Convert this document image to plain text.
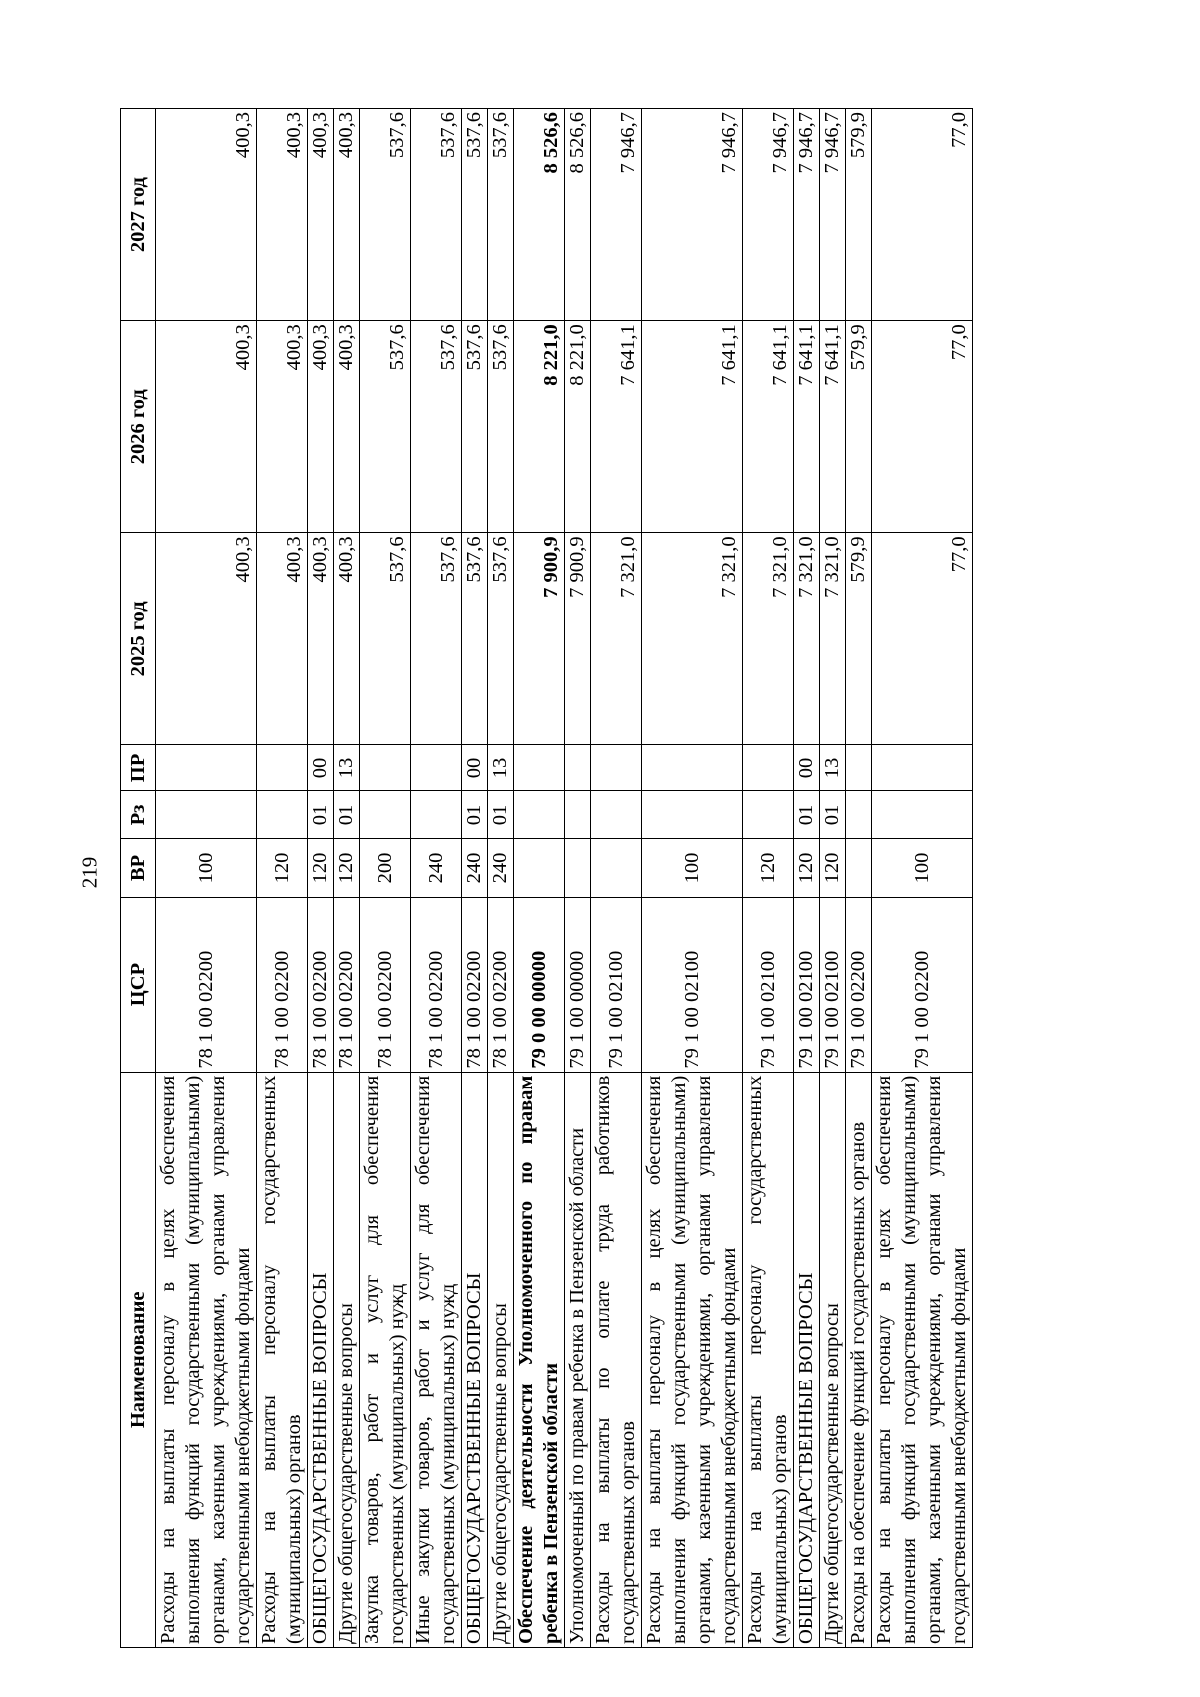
219
Наименование	ЦСР	ВР	Рз	ПР	2025 год	2026 год	2027 год
Расходы на выплаты персоналу в целях обеспечения выполнения функций государственными (муниципальными) органами, казенными учреждениями, органами управления государственными внебюджетными фондами	78 1 00 02200	100			400,3	400,3	400,3
Расходы на выплаты персоналу государственных (муниципальных) органов	78 1 00 02200	120			400,3	400,3	400,3
ОБЩЕГОСУДАРСТВЕННЫЕ ВОПРОСЫ	78 1 00 02200	120	01	00	400,3	400,3	400,3
Другие общегосударственные вопросы	78 1 00 02200	120	01	13	400,3	400,3	400,3
Закупка товаров, работ и услуг для обеспечения государственных (муниципальных) нужд	78 1 00 02200	200			537,6	537,6	537,6
Иные закупки товаров, работ и услуг для обеспечения государственных (муниципальных) нужд	78 1 00 02200	240			537,6	537,6	537,6
ОБЩЕГОСУДАРСТВЕННЫЕ ВОПРОСЫ	78 1 00 02200	240	01	00	537,6	537,6	537,6
Другие общегосударственные вопросы	78 1 00 02200	240	01	13	537,6	537,6	537,6
Обеспечение деятельности Уполномоченного по правам ребенка в Пензенской области	79 0 00 00000				7 900,9	8 221,0	8 526,6
Уполномоченный по правам ребенка в Пензенской области	79 1 00 00000				7 900,9	8 221,0	8 526,6
Расходы на выплаты по оплате труда работников государственных органов	79 1 00 02100				7 321,0	7 641,1	7 946,7
Расходы на выплаты персоналу в целях обеспечения выполнения функций государственными (муниципальными) органами, казенными учреждениями, органами управления государственными внебюджетными фондами	79 1 00 02100	100			7 321,0	7 641,1	7 946,7
Расходы на выплаты персоналу государственных (муниципальных) органов	79 1 00 02100	120			7 321,0	7 641,1	7 946,7
ОБЩЕГОСУДАРСТВЕННЫЕ ВОПРОСЫ	79 1 00 02100	120	01	00	7 321,0	7 641,1	7 946,7
Другие общегосударственные вопросы	79 1 00 02100	120	01	13	7 321,0	7 641,1	7 946,7
Расходы на обеспечение функций государственных органов	79 1 00 02200				579,9	579,9	579,9
Расходы на выплаты персоналу в целях обеспечения выполнения функций государственными (муниципальными) органами, казенными учреждениями, органами управления государственными внебюджетными фондами	79 1 00 02200	100			77,0	77,0	77,0
